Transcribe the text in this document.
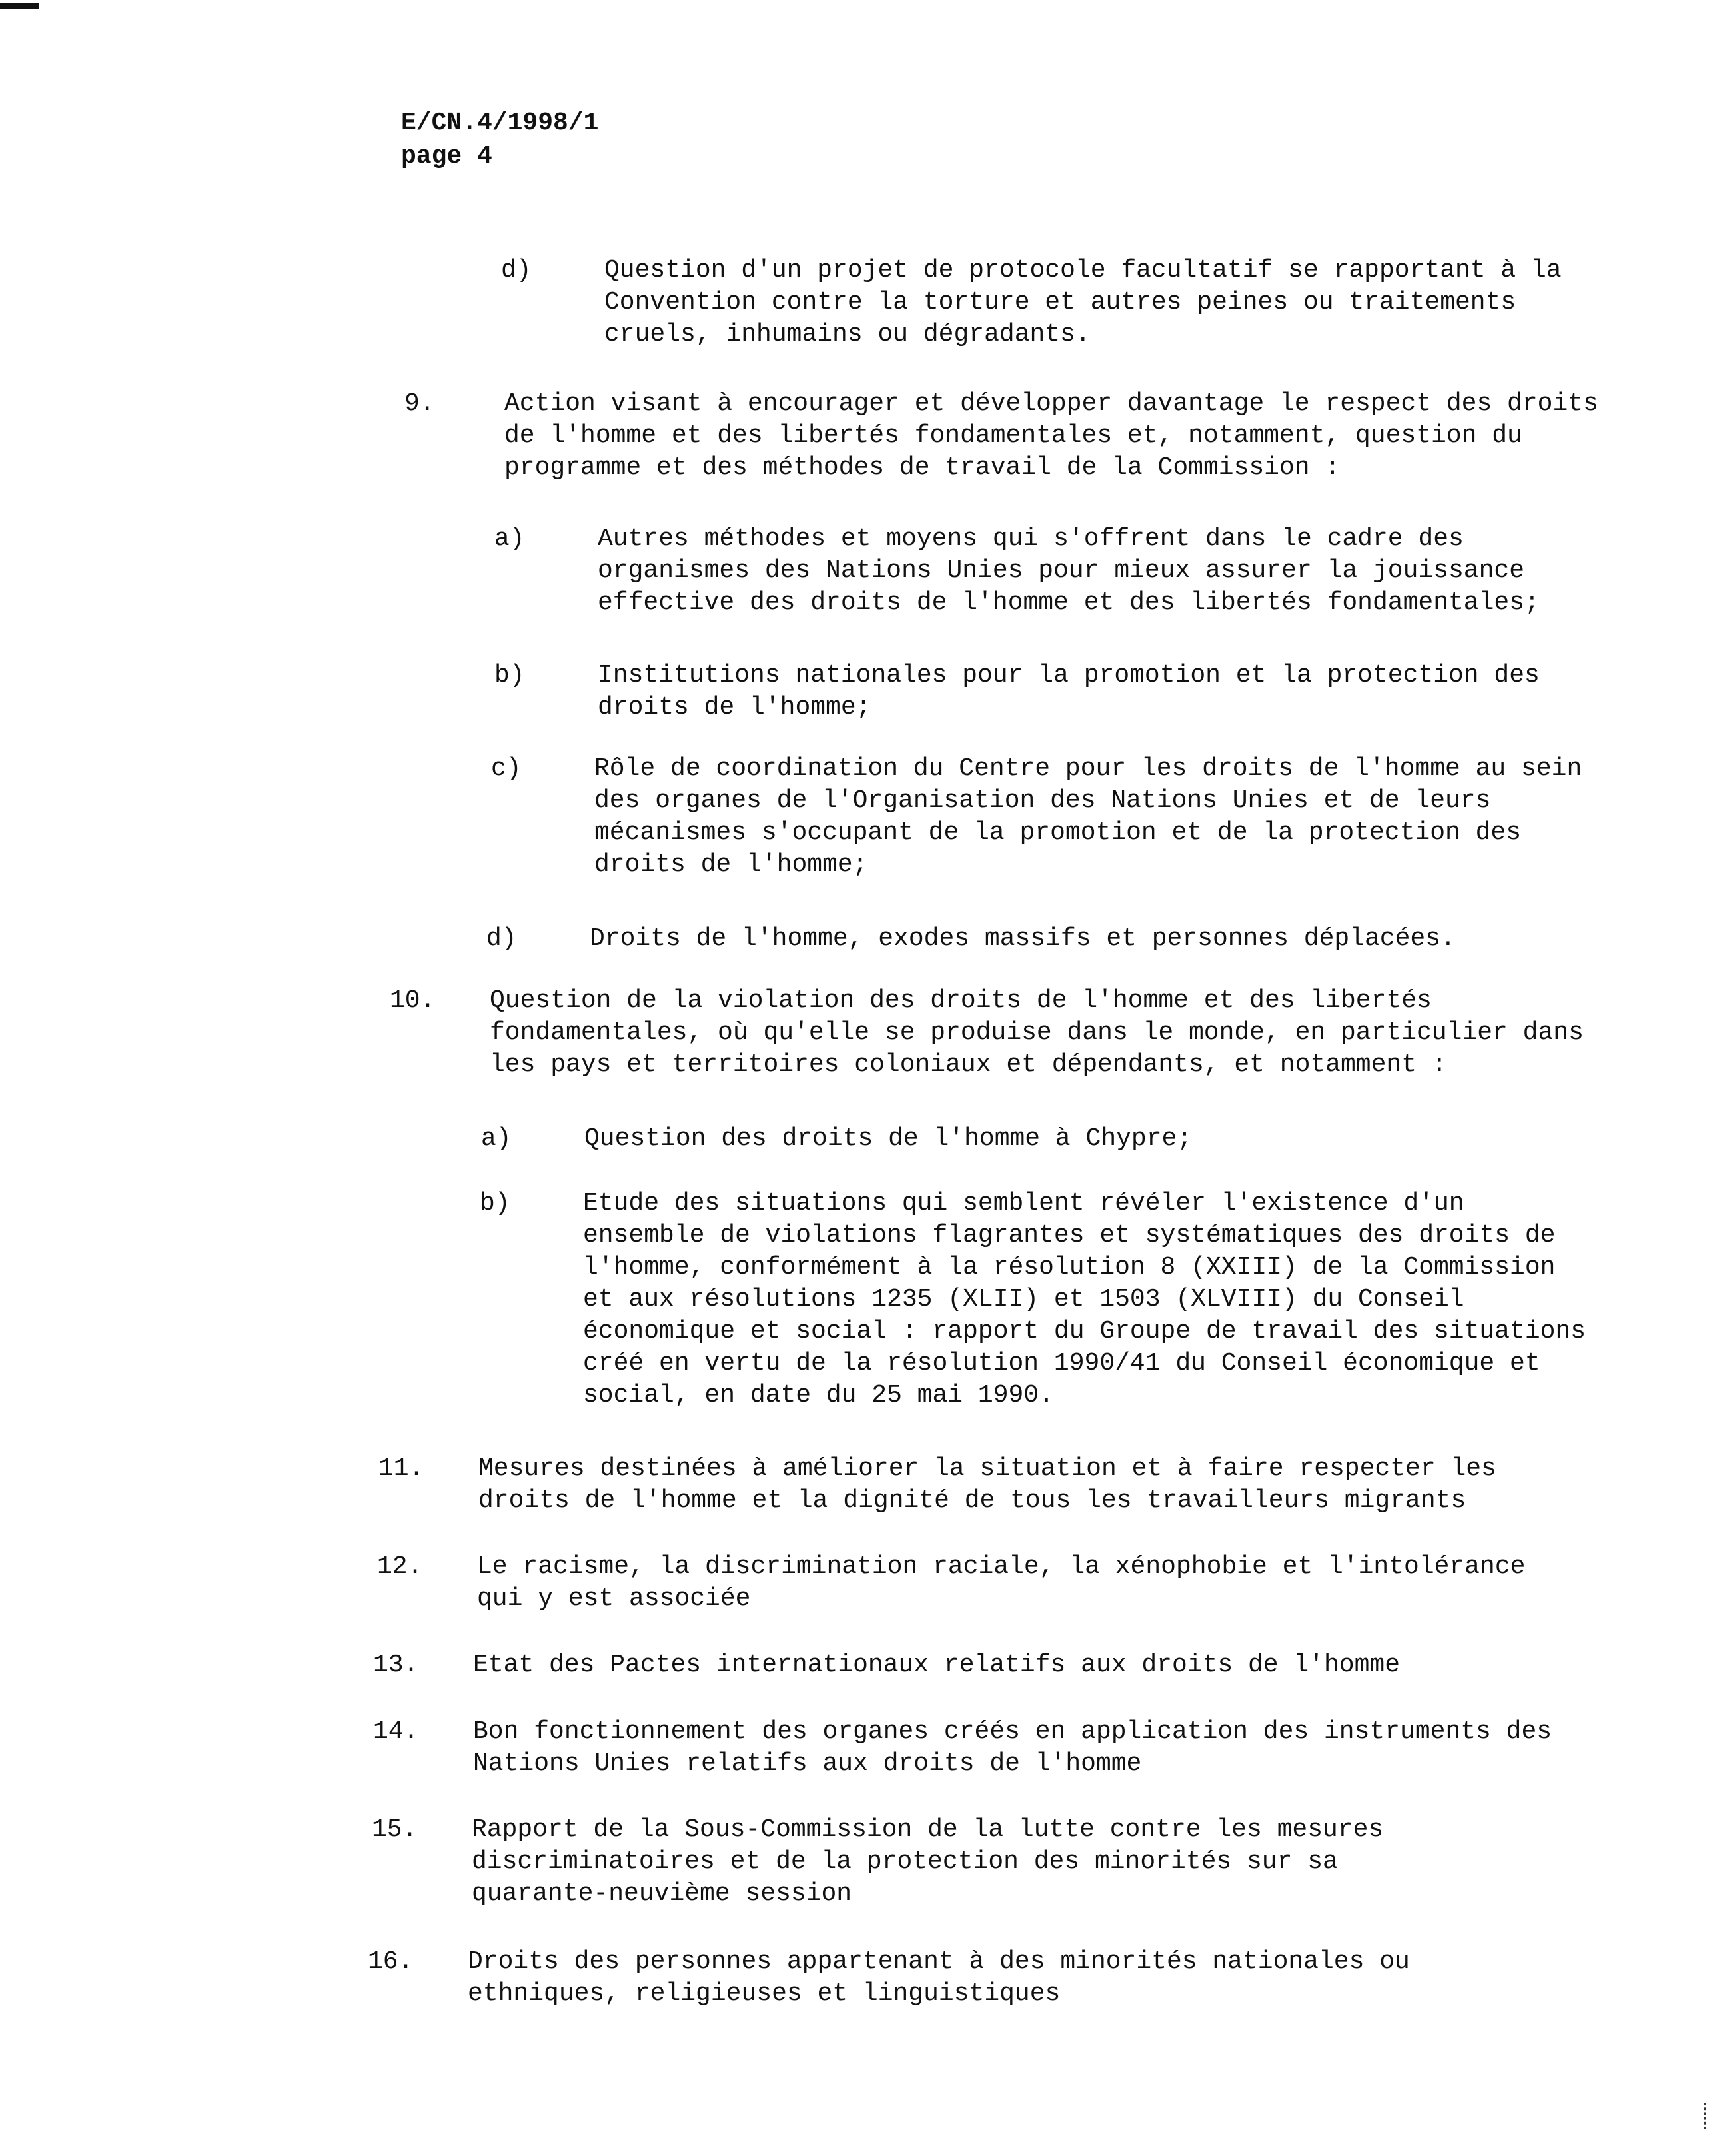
E/CN.4/1998/1
page 4
d)	Question d'un projet de protocole facultatif se rapportant à la
Convention contre la torture et autres peines ou traitements
cruels, inhumains ou dégradants.
9.	Action visant à encourager et développer davantage le respect des droits
de l'homme et des libertés fondamentales et, notamment, question du
programme et des méthodes de travail de la Commission :
a)	Autres méthodes et moyens qui s'offrent dans le cadre des
organismes des Nations Unies pour mieux assurer la jouissance
effective des droits de l'homme et des libertés fondamentales;
b)	Institutions nationales pour la promotion et la protection des
droits de l'homme;
c)	Rôle de coordination du Centre pour les droits de l'homme au sein
des organes de l'Organisation des Nations Unies et de leurs
mécanismes s'occupant de la promotion et de la protection des
droits de l'homme;
d)	Droits de l'homme, exodes massifs et personnes déplacées.
10. Question de la violation des droits de l'homme et des libertés
fondamentales, où qu'elle se produise dans le monde, en particulier dans
les pays et territoires coloniaux et dépendants, et notamment :
a)	Question des droits de l'homme à Chypre;
b)	Etude des situations qui semblent révéler l'existence d'un
ensemble de violations flagrantes et systématiques des droits de
l'homme, conformément à la résolution 8 (XXIII) de la Commission
et aux résolutions 1235 (XLII) et 1503 (XLVIII) du Conseil
économique et social : rapport du Groupe de travail des situations
créé en vertu de la résolution 1990/41 du Conseil économique et
social, en date du 25 mai 1990.
11. Mesures destinées à améliorer la situation et à faire respecter les
droits de l'homme et la dignité de tous les travailleurs migrants
12. Le racisme, la discrimination raciale, la xénophobie et l'intolérance
qui y est associée
13. Etat des Pactes internationaux relatifs aux droits de l'homme
14. Bon fonctionnement des organes créés en application des instruments des
Nations Unies relatifs aux droits de l'homme
15. Rapport de la Sous-Commission de la lutte contre les mesures
discriminatoires et de la protection des minorités sur sa
quarante-neuvième session
16. Droits des personnes appartenant à des minorités nationales ou
ethniques, religieuses et linguistiques
